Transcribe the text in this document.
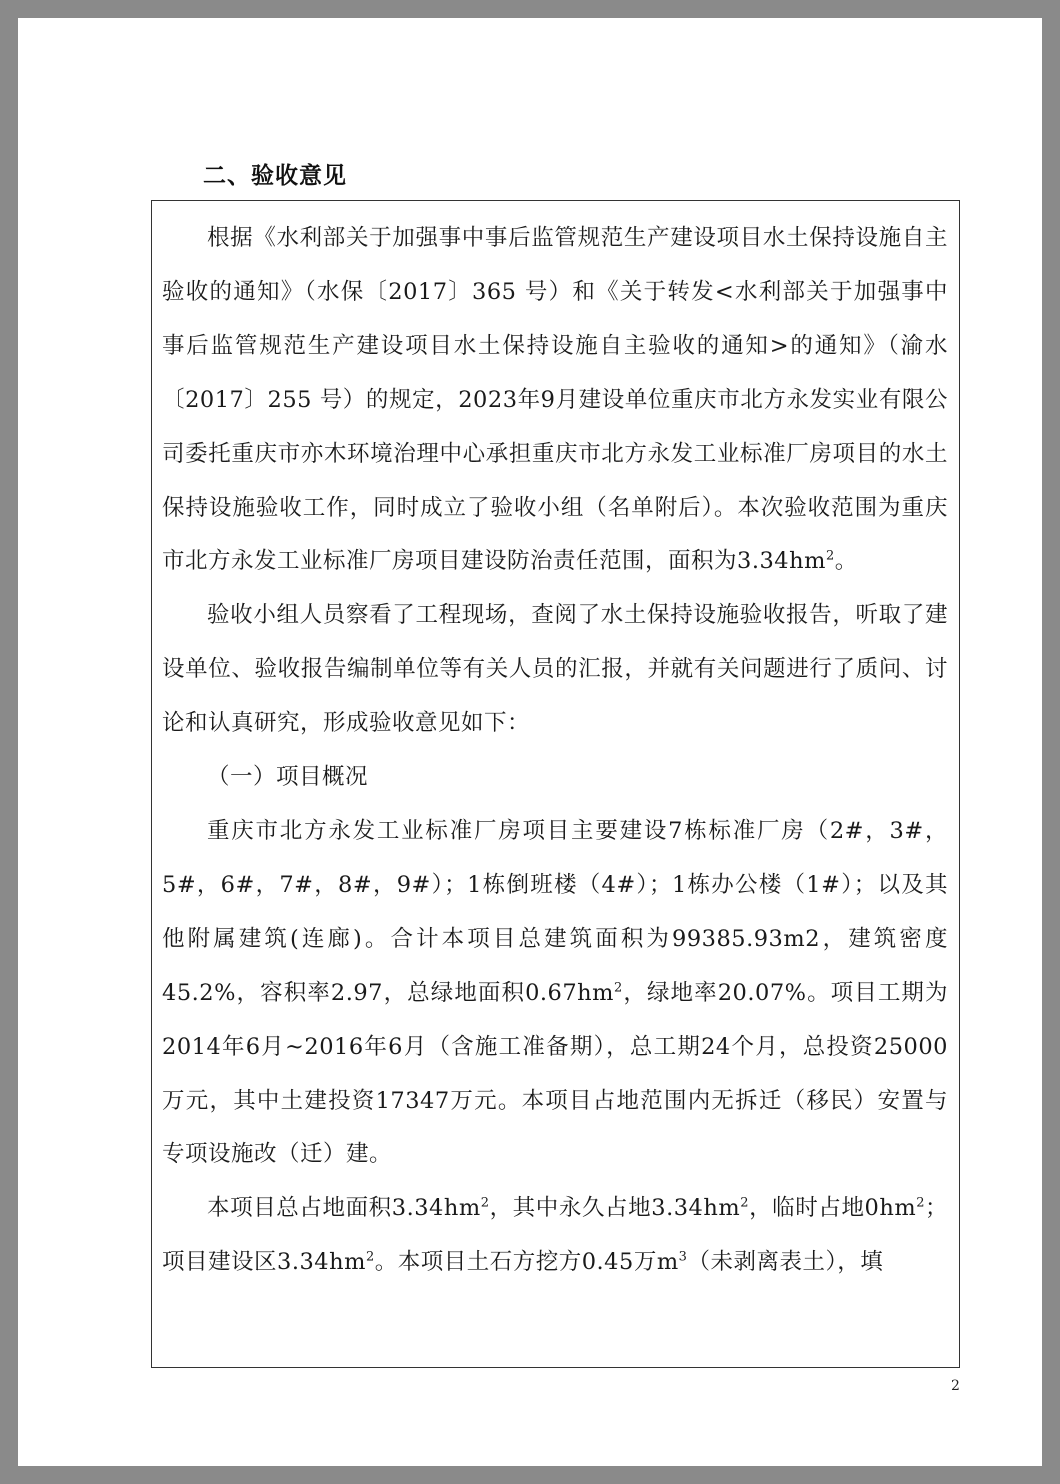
二、验收意见

根据《水利部关于加强事中事后监管规范生产建设项目水土保持设施自主验收的通知》（水保〔2017〕365 号）和《关于转发<水利部关于加强事中事后监管规范生产建设项目水土保持设施自主验收的通知>的通知》（渝水〔2017〕255 号）的规定，2023年9月建设单位重庆市北方永发实业有限公司委托重庆市亦木环境治理中心承担重庆市北方永发工业标准厂房项目的水土保持设施验收工作，同时成立了验收小组（名单附后）。本次验收范围为重庆市北方永发工业标准厂房项目建设防治责任范围，面积为$3.34hm^2$。

验收小组人员察看了工程现场，查阅了水土保持设施验收报告，听取了建设单位、验收报告编制单位等有关人员的汇报，并就有关问题进行了质问、讨论和认真研究，形成验收意见如下：

（一）项目概况

重庆市北方永发工业标准厂房项目主要建设7栋标准厂房（2#，3#，5#，6#，7#，8#，9#）；1栋倒班楼（4#）；1栋办公楼（1#）；以及其他附属建筑(连廊)。合计本项目总建筑面积为99385.93m2，建筑密度45.2%，容积率2.97，总绿地面积$0.67hm^2$，绿地率20.07%。项目工期为2014年6月~2016年6月（含施工准备期），总工期24个月，总投资25000万元，其中土建投资17347万元。本项目占地范围内无拆迁（移民）安置与专项设施改（迁）建。

本项目总占地面积$3.34hm^2$，其中永久占地$3.34hm^2$，临时占地$0hm^2$；项目建设区$3.34hm^2$。本项目土石方挖方0.45万$m^3$（未剥离表土），填

2
